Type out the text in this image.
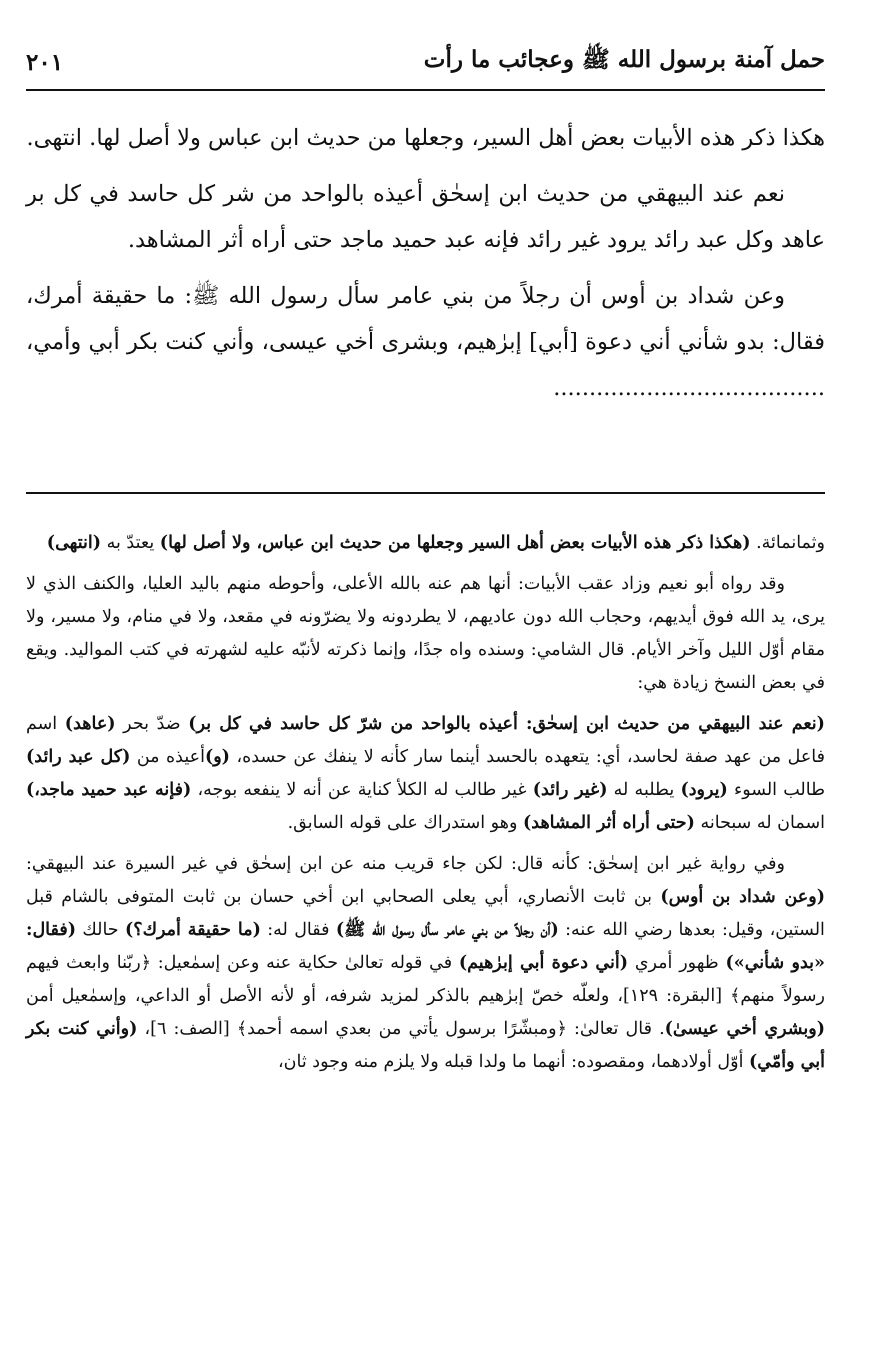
حمل آمنة برسول الله ﷺ وعجائب ما رأت
٢٠١

هكذا ذكر هذه الأبيات بعض أهل السير، وجعلها من حديث ابن عباس ولا أصل لها. انتهى.

نعم عند البيهقي من حديث ابن إسحٰق أعيذه بالواحد من شر كل حاسد في كل بر عاهد وكل عبد رائد يرود غير رائد فإنه عبد حميد ماجد حتى أراه أثر المشاهد.

وعن شداد بن أوس أن رجلاً من بني عامر سأل رسول الله ﷺ: ما حقيقة أمرك، فقال: بدو شأني أني دعوة [أبي] إبرٰهيم، وبشرى أخي عيسى، وأني كنت بكر أبي وأمي، ......................................

وثمانمائة. (هكذا ذكر هذه الأبيات بعض أهل السير وجعلها من حديث ابن عباس، ولا أصل لها) يعتدّ به (انتهى)

وقد رواه أبو نعيم وزاد عقب الأبيات: أنها هم عنه بالله الأعلى، وأحوطه منهم باليد العليا، والكنف الذي لا يرى، يد الله فوق أيديهم، وحجاب الله دون عاديهم، لا يطردونه ولا يضرّونه في مقعد، ولا في منام، ولا مسير، ولا مقام أوّل الليل وآخر الأيام. قال الشامي: وسنده واه جدًا، وإنما ذكرته لأنبّه عليه لشهرته في كتب المواليد. ويقع في بعض النسخ زيادة هي:

(نعم عند البيهقي من حديث ابن إسحٰق: أعيذه بالواحد من شرّ كل حاسد في كل بر) ضدّ بحر (عاهد) اسم فاعل من عهد صفة لحاسد، أي: يتعهده بالحسد أينما سار كأنه لا ينفك عن حسده، (و)أعيذه من (كل عبد رائد) طالب السوء (يرود) يطلبه له (غير رائد) غير طالب له الكلأ كناية عن أنه لا ينفعه بوجه، (فإنه عبد حميد ماجد،) اسمان له سبحانه (حتى أراه أثر المشاهد) وهو استدراك على قوله السابق.

وفي رواية غير ابن إسحٰق: كأنه قال: لكن جاء قريب منه عن ابن إسحٰق في غير السيرة عند البيهقي: (وعن شداد بن أوس) بن ثابت الأنصاري، أبي يعلى الصحابي ابن أخي حسان بن ثابت المتوفى بالشام قبل الستين، وقيل: بعدها رضي الله عنه: (أن رجلاً من بني عامر سأل رسول الله ﷺ) فقال له: (ما حقيقة أمرك؟) حالك (فقال: «بدو شأني») ظهور أمري (أني دعوة أبي إبرٰهيم) في قوله تعالىٰ حكاية عنه وعن إسمٰعيل: ﴿ربّنا وابعث فيهم رسولاً منهم﴾ [البقرة: ١٢٩]، ولعلّه خصّ إبرٰهيم بالذكر لمزيد شرفه، أو لأنه الأصل أو الداعي، وإسمٰعيل أمن (وبشري أخي عيسىٰ). قال تعالىٰ: ﴿ومبشّرًا برسول يأتي من بعدي اسمه أحمد﴾ [الصف: ٦]، (وأني كنت بكر أبي وأمّي) أوّل أولادهما، ومقصوده: أنهما ما ولدا قبله ولا يلزم منه وجود ثان،
